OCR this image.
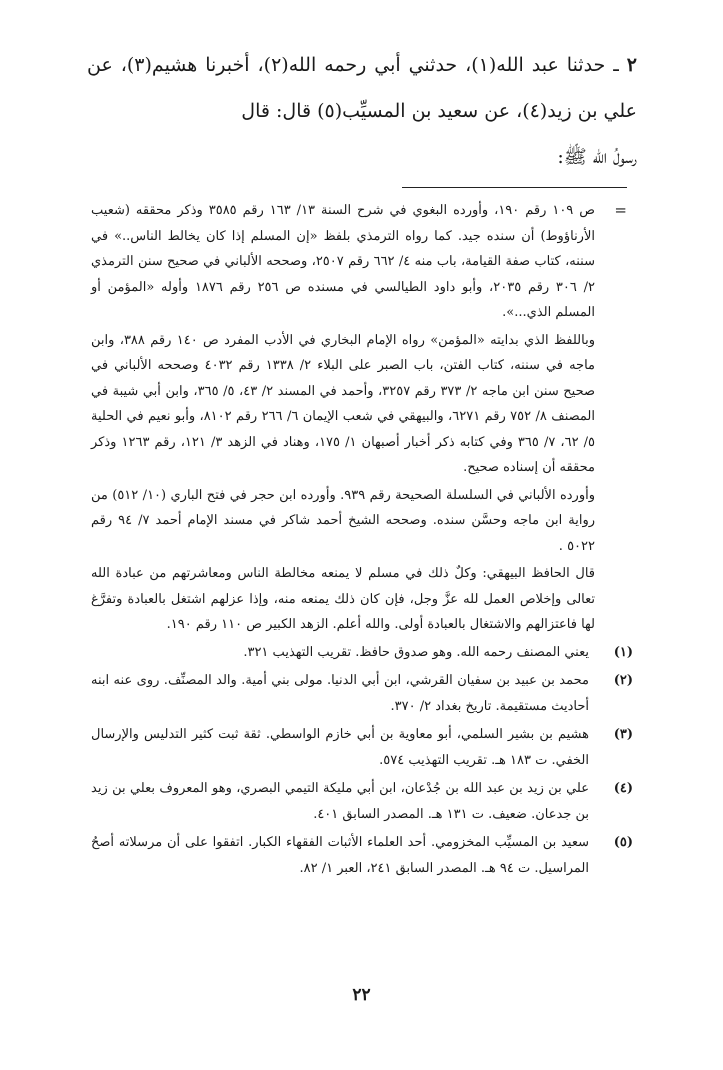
٢ ـ حدثنا عبد الله(١)، حدثني أبي رحمه الله(٢)، أخبرنا هشيم(٣)، عن علي بن زيد(٤)، عن سعيد بن المسيِّب(٥) قال: قال
رسولُ الله ﷺ:

=

ص ١٠٩ رقم ١٩٠، وأورده البغوي في شرح السنة ١٣/ ١٦٣ رقم ٣٥٨٥ وذكر محققه (شعيب الأرناؤوط) أن سنده جيد. كما رواه الترمذي بلفظ «إن المسلم إذا كان يخالط الناس..» في سننه، كتاب صفة القيامة، باب منه ٤/ ٦٦٢ رقم ٢٥٠٧، وصححه الألباني في صحيح سنن الترمذي ٢/ ٣٠٦ رقم ٢٠٣٥، وأبو داود الطيالسي في مسنده ص ٢٥٦ رقم ١٨٧٦ وأوله «المؤمن أو المسلم الذي...».

وباللفظ الذي بدايته «المؤمن» رواه الإمام البخاري في الأدب المفرد ص ١٤٠ رقم ٣٨٨، وابن ماجه في سننه، كتاب الفتن، باب الصبر على البلاء ٢/ ١٣٣٨ رقم ٤٠٣٢ وصححه الألباني في صحيح سنن ابن ماجه ٢/ ٣٧٣ رقم ٣٢٥٧، وأحمد في المسند ٢/ ٤٣، ٥/ ٣٦٥، وابن أبي شيبة في المصنف ٨/ ٧٥٢ رقم ٦٢٧١، والبيهقي في شعب الإيمان ٦/ ٢٦٦ رقم ٨١٠٢، وأبو نعيم في الحلية ٥/ ٦٢، ٧/ ٣٦٥ وفي كتابه ذكر أخبار أصبهان ١/ ١٧٥، وهناد في الزهد ٣/ ١٢١، رقم ١٢٦٣ وذكر محققه أن إسناده صحيح.

وأورده الألباني في السلسلة الصحيحة رقم ٩٣٩. وأورده ابن حجر في فتح الباري (١٠/ ٥١٢) من رواية ابن ماجه وحسَّن سنده. وصححه الشيخ أحمد شاكر في مسند الإمام أحمد ٧/ ٩٤ رقم ٥٠٢٢ .

قال الحافظ البيهقي: وكلٌ ذلك في مسلم لا يمنعه مخالطة الناس ومعاشرتهم من عبادة الله تعالى وإخلاص العمل لله عزَّ وجل، فإن كان ذلك يمنعه منه، وإذا عزلهم اشتغل بالعبادة وتفرَّغ لها فاعتزالهم والاشتغال بالعبادة أولى. والله أعلم. الزهد الكبير ص ١١٠ رقم ١٩٠.

(١)
يعني المصنف رحمه الله. وهو صدوق حافظ. تقريب التهذيب ٣٢١.
(٢)
محمد بن عبيد بن سفيان القرشي، ابن أبي الدنيا. مولى بني أمية. والد المصنِّف. روى عنه ابنه أحاديث مستقيمة. تاريخ بغداد ٢/ ٣٧٠.
(٣)
هشيم بن بشير السلمي، أبو معاوية بن أبي خازم الواسطي. ثقة ثبت كثير التدليس والإرسال الخفي. ت ١٨٣ هـ. تقريب التهذيب ٥٧٤.
(٤)
علي بن زيد بن عبد الله بن جُدْعان، ابن أبي مليكة التيمي البصري، وهو المعروف بعلي بن زيد بن جدعان. ضعيف. ت ١٣١ هـ. المصدر السابق ٤٠١.
(٥)
سعيد بن المسيِّب المخزومي. أحد العلماء الأثبات الفقهاء الكبار. اتفقوا على أن مرسلاته أصحُ المراسيل. ت ٩٤ هـ. المصدر السابق ٢٤١، العبر ١/ ٨٢.
٢٢
